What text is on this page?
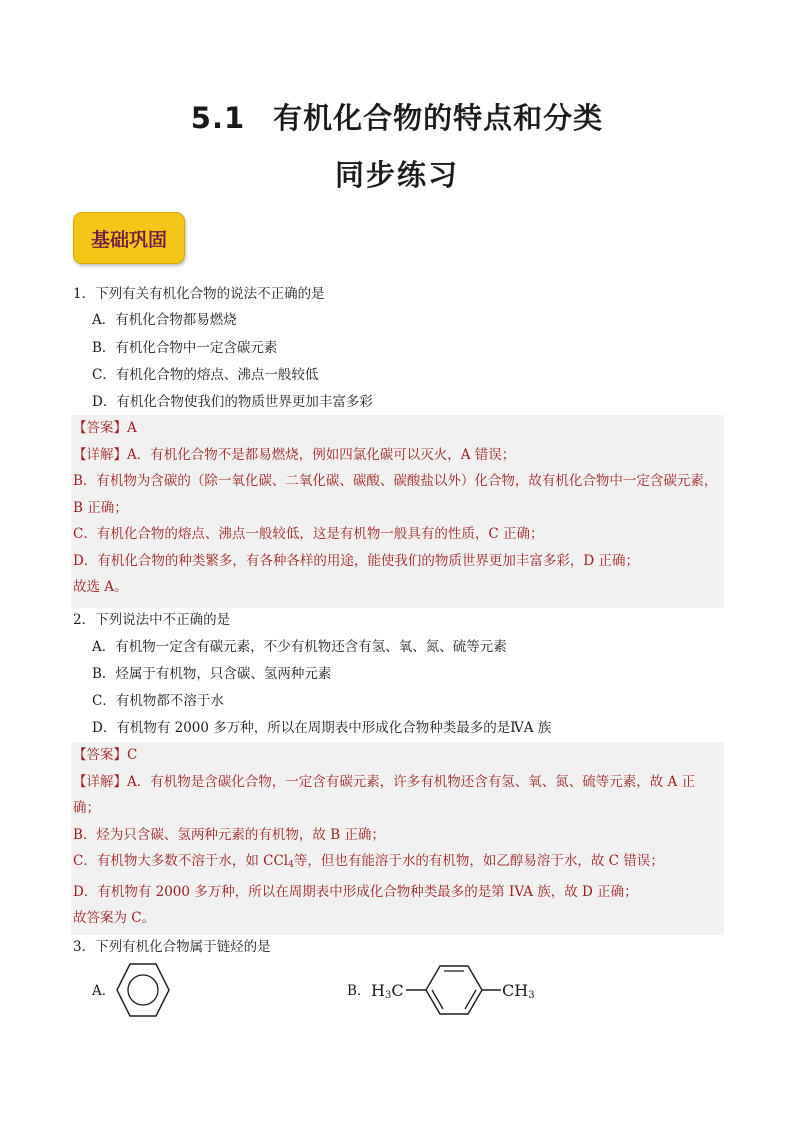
5.1 有机化合物的特点和分类
同步练习
基础巩固
1．下列有关有机化合物的说法不正确的是
A．有机化合物都易燃烧
B．有机化合物中一定含碳元素
C．有机化合物的熔点、沸点一般较低
D．有机化合物使我们的物质世界更加丰富多彩
【答案】A
【详解】A．有机化合物不是都易燃烧，例如四氯化碳可以灭火，A 错误；
B．有机物为含碳的（除一氧化碳、二氧化碳、碳酸、碳酸盐以外）化合物，故有机化合物中一定含碳元素，
B 正确；
C．有机化合物的熔点、沸点一般较低，这是有机物一般具有的性质，C 正确；
D．有机化合物的种类繁多，有各种各样的用途，能使我们的物质世界更加丰富多彩，D 正确；
故选 A。
2．下列说法中不正确的是
A．有机物一定含有碳元素，不少有机物还含有氢、氧、氮、硫等元素
B．烃属于有机物，只含碳、氢两种元素
C．有机物都不溶于水
D．有机物有 2000 多万种，所以在周期表中形成化合物种类最多的是ⅣA 族
【答案】C
【详解】A．有机物是含碳化合物，一定含有碳元素，许多有机物还含有氢、氧、氮、硫等元素，故 A 正
确；
B．烃为只含碳、氢两种元素的有机物，故 B 正确；
C．有机物大多数不溶于水，如 CCl$_4$等，但也有能溶于水的有机物，如乙醇易溶于水，故 C 错误；
D．有机物有 2000 多万种，所以在周期表中形成化合物种类最多的是第 IVA 族，故 D 正确；
故答案为 C。
3．下列有机化合物属于链烃的是
A．	B． $H_3C$	$CH_3$
